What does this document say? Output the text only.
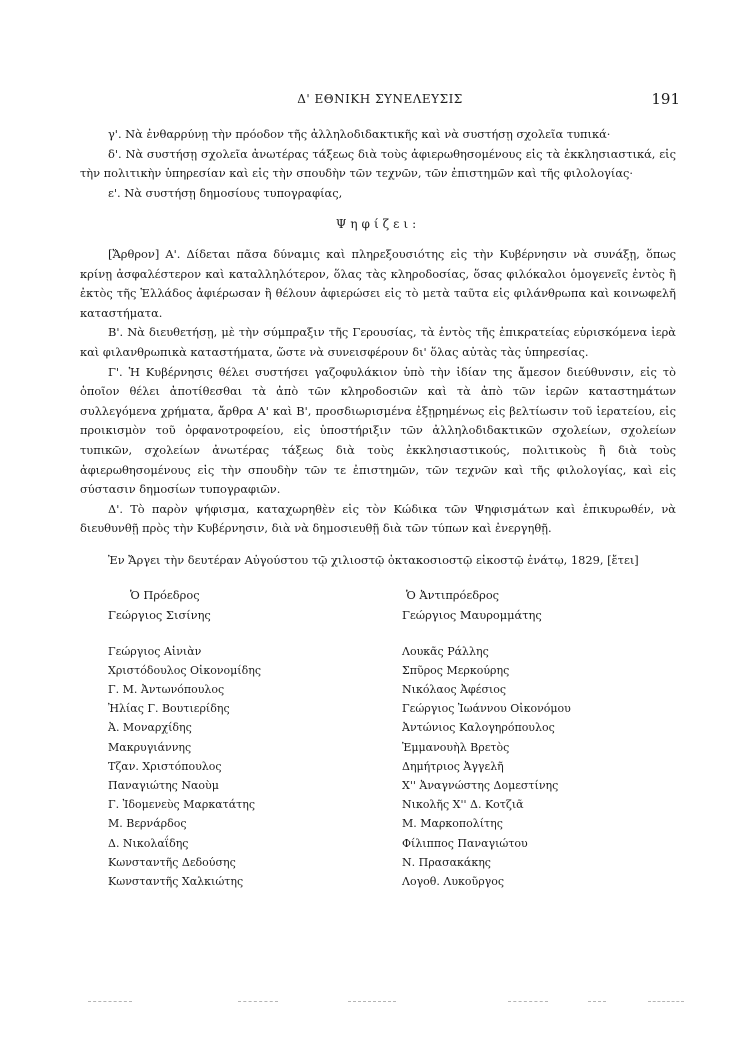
Δ' ΕΘΝΙΚΗ ΣΥΝΕΛΕΥΣΙΣ	191

γ'. Νὰ ἐνθαρρύνῃ τὴν πρόοδον τῆς ἀλληλοδιδακτικῆς καὶ νὰ συστήσῃ σχολεῖα τυπικά·

δ'. Νὰ συστήσῃ σχολεῖα ἀνωτέρας τάξεως διὰ τοὺς ἀφιερωθησομένους εἰς τὰ ἐκκλησιαστικά, εἰς τὴν πολιτικὴν ὑπηρεσίαν καὶ εἰς τὴν σπουδὴν τῶν τεχνῶν, τῶν ἐπιστημῶν καὶ τῆς φιλολογίας·

ε'. Νὰ συστήσῃ δημοσίους τυπογραφίας,

Ψηφίζει:

[Ἄρθρον] Α'. Δίδεται πᾶσα δύναμις καὶ πληρεξουσιότης εἰς τὴν Κυβέρνησιν νὰ συνάξῃ, ὅπως κρίνῃ ἀσφαλέστερον καὶ καταλληλότερον, ὅλας τὰς κληροδοσίας, ὅσας φιλόκαλοι ὁμογενεῖς ἐντὸς ἢ ἐκτὸς τῆς Ἑλλάδος ἀφιέρωσαν ἢ θέλουν ἀφιερώσει εἰς τὸ μετὰ ταῦτα εἰς φιλάνθρωπα καὶ κοινωφελῆ καταστήματα.

Β'. Νὰ διευθετήσῃ, μὲ τὴν σύμπραξιν τῆς Γερουσίας, τὰ ἐντὸς τῆς ἐπικρατείας εὑρισκόμενα ἱερὰ καὶ φιλανθρωπικὰ καταστήματα, ὥστε νὰ συνεισφέρουν δι' ὅλας αὐτὰς τὰς ὑπηρεσίας.

Γ'. Ἡ Κυβέρνησις θέλει συστήσει γαζοφυλάκιον ὑπὸ τὴν ἰδίαν της ἄμεσον διεύθυνσιν, εἰς τὸ ὁποῖον θέλει ἀποτίθεσθαι τὰ ἀπὸ τῶν κληροδοσιῶν καὶ τὰ ἀπὸ τῶν ἱερῶν καταστημάτων συλλεγόμενα χρήματα, ἄρθρα Α' καὶ Β', προσδιωρισμένα ἐξῃρημένως εἰς βελτίωσιν τοῦ ἱερατείου, εἰς προικισμὸν τοῦ ὀρφανοτροφείου, εἰς ὑποστήριξιν τῶν ἀλληλοδιδακτικῶν σχολείων, σχολείων τυπικῶν, σχολείων ἀνωτέρας τάξεως διὰ τοὺς ἐκκλησιαστικούς, πολιτικοὺς ἢ διὰ τοὺς ἀφιερωθησομένους εἰς τὴν σπουδὴν τῶν τε ἐπιστημῶν, τῶν τεχνῶν καὶ τῆς φιλολογίας, καὶ εἰς σύστασιν δημοσίων τυπογραφιῶν.

Δ'. Τὸ παρὸν ψήφισμα, καταχωρηθὲν εἰς τὸν Κώδικα τῶν Ψηφισμάτων καὶ ἐπικυρωθέν, νὰ διευθυνθῇ πρὸς τὴν Κυβέρνησιν, διὰ νὰ δημοσιευθῇ διὰ τῶν τύπων καὶ ἐνεργηθῇ.

Ἐν Ἄργει τὴν δευτέραν Αὐγούστου τῷ χιλιοστῷ ὀκτακοσιοστῷ εἰκοστῷ ἐνάτῳ, 1829, [ἔτει]

Ὁ Πρόεδρος
Γεώργιος Σισίνης
Ὁ Ἀντιπρόεδρος
Γεώργιος Μαυρομμάτης
Γεώργιος Αἰνιὰν
Χριστόδουλος Οἰκονομίδης
Γ. Μ. Ἀντωνόπουλος
Ἠλίας Γ. Βουτιερίδης
Ἀ. Μοναρχίδης
Μακρυγιάννης
Τζαν. Χριστόπουλος
Παναγιώτης Ναοὺμ
Γ. Ἰδομενεὺς Μαρκατάτης
Μ. Βερνάρδος
Δ. Νικολαΐδης
Κωνσταντῆς Δεδούσης
Κωνσταντῆς Χαλκιώτης
Λουκᾶς Ράλλης
Σπῦρος Μερκούρης
Νικόλαος Ἀφέσιος
Γεώργιος Ἰωάννου Οἰκονόμου
Ἀντώνιος Καλογηρόπουλος
Ἐμμανουὴλ Βρετὸς
Δημήτριος Ἀγγελῆ
Χ'' Ἀναγνώστης Δομεστίνης
Νικολῆς Χ'' Δ. Κοτζιᾶ
Μ. Μαρκοπολίτης
Φίλιππος Παναγιώτου
Ν. Πρασακάκης
Λογοθ. Λυκοῦργος
